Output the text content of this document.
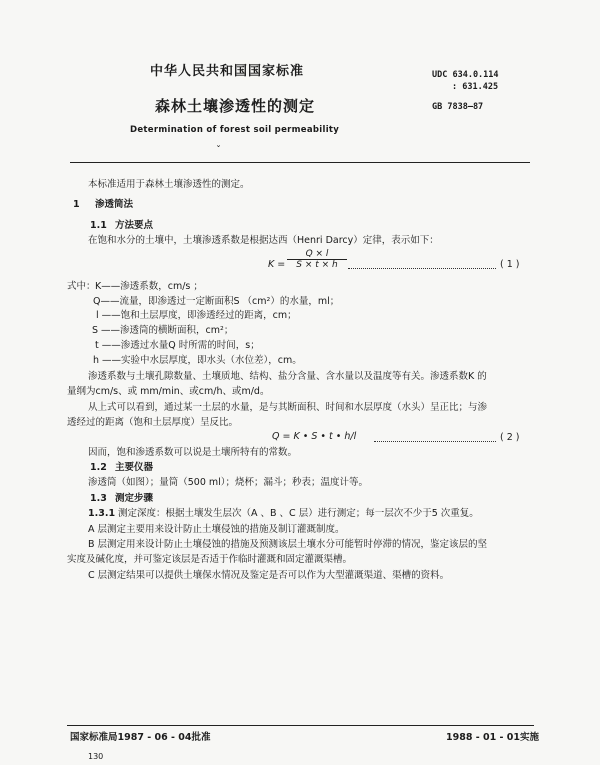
中华人民共和国国家标准	UDC 634.0.114
: 631.425
森林土壤渗透性的测定	GB 7838—87
Determination of forest soil permeability
ˇ
本标准适用于森林土壤渗透性的测定。
1 渗透筒法
1.1 方法要点
在饱和水分的土壤中，土壤渗透系数是根据达西（Henri Darcy）定律，表示如下：
$K = \frac{Q \times l}{S \times t \times h}$	( 1 )
式中： K——渗透系数，cm/s ；
Q——流量，即渗透过一定断面积S （cm²）的水量，ml；
l ——饱和土层厚度，即渗透经过的距离，cm；
S ——渗透筒的横断面积，cm²；
t ——渗透过水量Q 时所需的时间，s；
h ——实验中水层厚度，即水头（水位差），cm。
渗透系数与土壤孔隙数量、土壤质地、结构、盐分含量、含水量以及温度等有关。渗透系数K 的
量纲为cm/s、或 mm/min、或cm/h、或m/d。
从上式可以看到，通过某一土层的水量，是与其断面积、时间和水层厚度（水头）呈正比；与渗
透经过的距离（饱和土层厚度）呈反比。
Q = K • S • t • h/l	( 2 )
因而，饱和渗透系数可以说是土壤所特有的常数。
1.2 主要仪器
渗透筒（如图）；量筒（500 ml）；烧杯；漏斗；秒表；温度计等。
1.3 测定步骤
1.3.1 测定深度：根据土壤发生层次（A 、B 、C 层）进行测定；每一层次不少于5 次重复。
A 层测定主要用来设计防止土壤侵蚀的措施及制订灌溉制度。
B 层测定用来设计防止土壤侵蚀的措施及预测该层土壤水分可能暂时停滞的情况，鉴定该层的坚
实度及碱化度，并可鉴定该层是否适于作临时灌溉和固定灌溉渠槽。
C 层测定结果可以提供土壤保水情况及鉴定是否可以作为大型灌溉渠道、渠槽的资料。
国家标准局1987 - 06 - 04批准	1988 - 01 - 01实施
130
